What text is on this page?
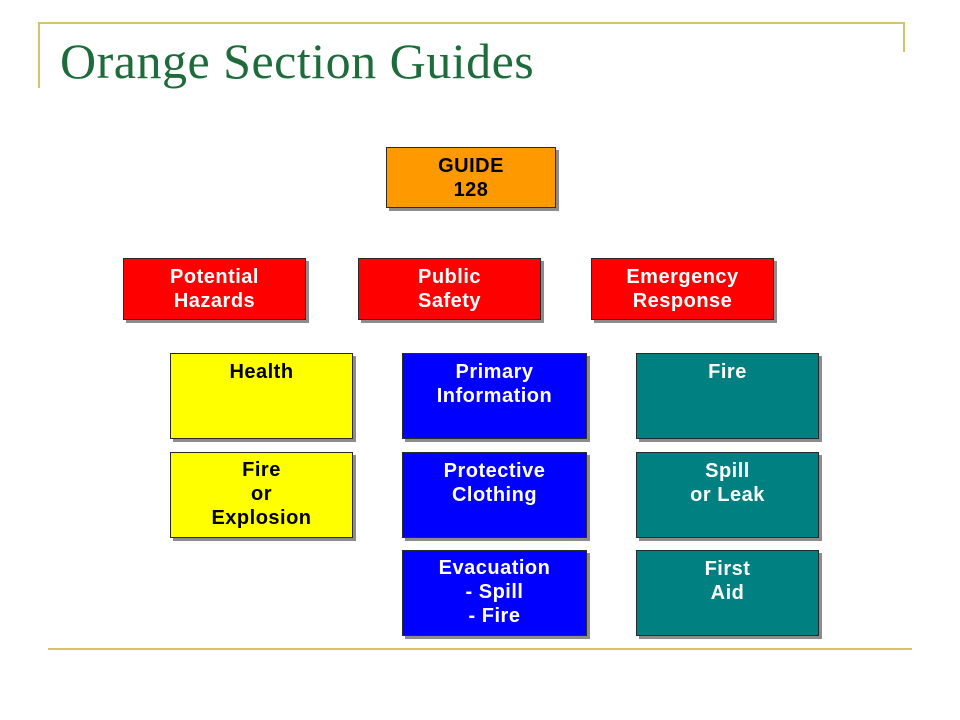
Orange Section Guides
GUIDE
128
Potential
Hazards
Public
Safety
Emergency
Response
Health
Fire
or
Explosion
Primary
Information
Protective
Clothing
Evacuation
- Spill
- Fire
Fire
Spill
or Leak
First
Aid
